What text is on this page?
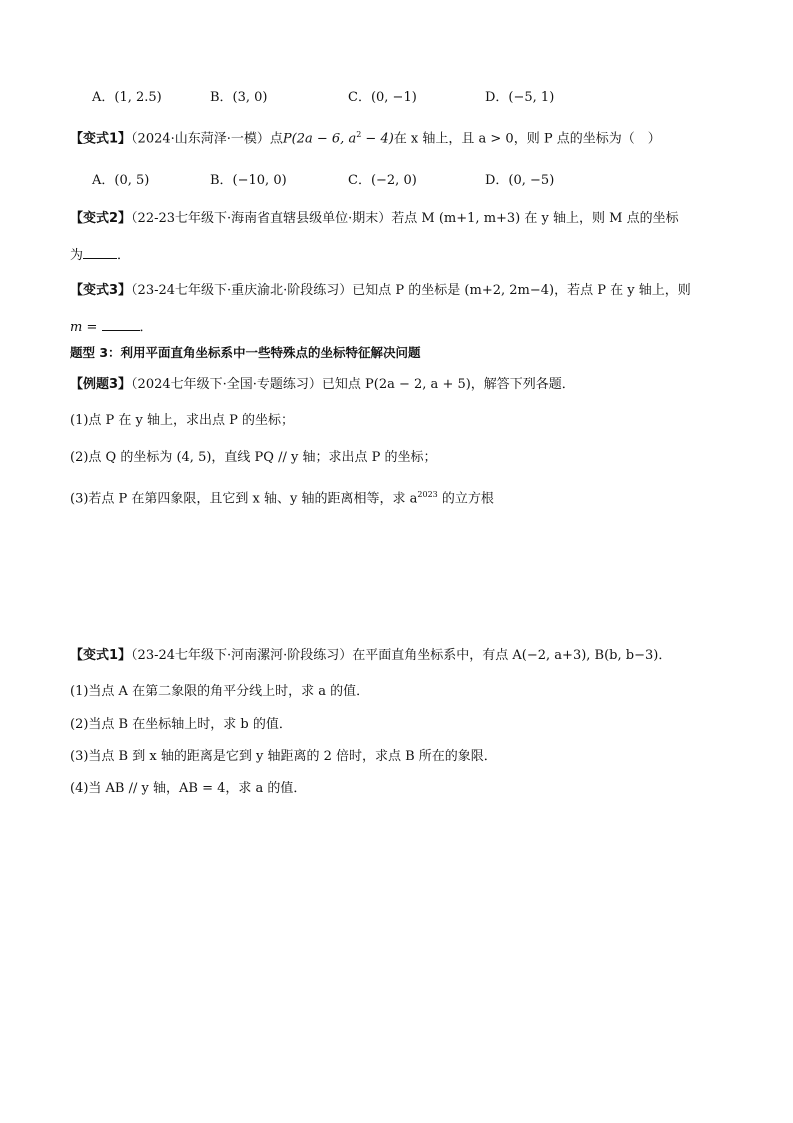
A．(1, 2.5)	B．(3, 0)	C．(0, −1)	D．(−5, 1)
【变式1】（2024·山东菏泽·一模）点P(2a − 6, $a^2 - 4$)在 x 轴上，且 a > 0，则 P 点的坐标为（　）
A．(0, 5)	B．(−10, 0)	C．(−2, 0)	D．(0, −5)
【变式2】（22-23七年级下·海南省直辖县级单位·期末）若点 M (m+1, m+3) 在 y 轴上，则 M 点的坐标
为	．
【变式3】（23-24七年级下·重庆渝北·阶段练习）已知点 P 的坐标是 (m+2, 2m−4)，若点 P 在 y 轴上，则
m =	．
题型 3：利用平面直角坐标系中一些特殊点的坐标特征解决问题
【例题3】（2024七年级下·全国·专题练习）已知点 P(2a − 2, a + 5)，解答下列各题．
(1)点 P 在 y 轴上，求出点 P 的坐标；
(2)点 Q 的坐标为 (4, 5)，直线 PQ // y 轴；求出点 P 的坐标；
(3)若点 P 在第四象限，且它到 x 轴、y 轴的距离相等，求 $a^{2023}$ 的立方根
【变式1】（23-24七年级下·河南漯河·阶段练习）在平面直角坐标系中，有点 A(−2, a+3), B(b, b−3)．
(1)当点 A 在第二象限的角平分线上时，求 a 的值．
(2)当点 B 在坐标轴上时，求 b 的值．
(3)当点 B 到 x 轴的距离是它到 y 轴距离的 2 倍时，求点 B 所在的象限．
(4)当 AB // y 轴，AB = 4，求 a 的值．
